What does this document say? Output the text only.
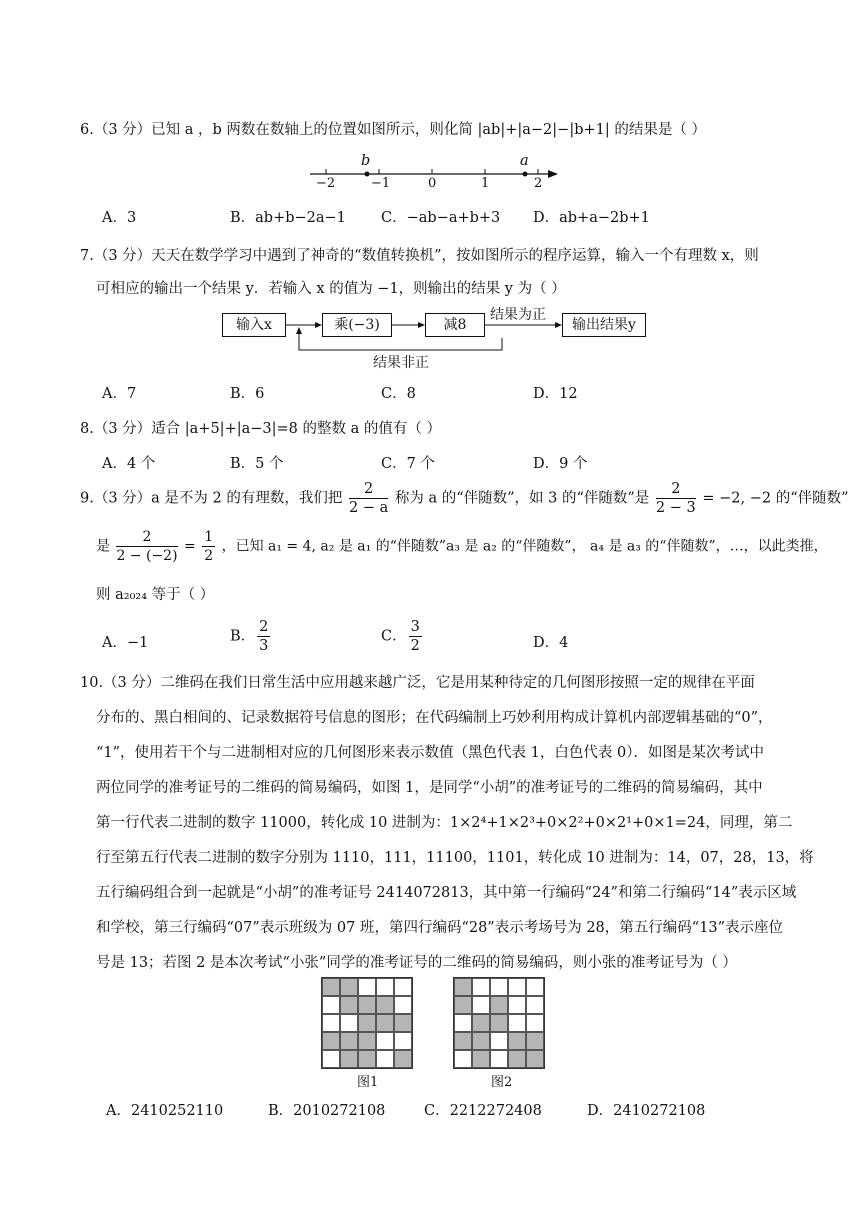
6.（3 分）已知 a ，b 两数在数轴上的位置如图所示，则化简 |ab|+|a−2|−|b+1| 的结果是（ ）
b	a
−2	−1	0	1	2
A．3	B．ab+b−2a−1 C．−ab−a+b+3 D．ab+a−2b+1
7.（3 分）天天在数学学习中遇到了神奇的“数值转换机”，按如图所示的程序运算，输入一个有理数 x，则
可相应的输出一个结果 y．若输入 x 的值为 −1，则输出的结果 y 为（ ）
输入x	乘(−3)	减8	输出结果y
结果为正
结果非正
A．7	B．6	C．8	D．12
8.（3 分）适合 |a+5|+|a−3|=8 的整数 a 的值有（ ）
A．4 个	B．5 个	C．7 个	D．9 个
9.（3 分）a 是不为 2 的有理数，我们把 $\frac{2}{2 - a}$ 称为 a 的“伴随数”，如 3 的“伴随数”是 $\frac{2}{2 - 3} = -2$, −2 的“伴随数”
是 $\frac{2}{2 - (-2)} = \frac{1}{2}$ ，已知 a₁ = 4, a₂ 是 a₁ 的“伴随数”a₃ 是 a₂ 的“伴随数”， a₄ 是 a₃ 的“伴随数”，…，以此类推，
则 a₂₀₂₄ 等于（ ）
A．−1	B． $\frac{2}{3}$	C． $\frac{3}{2}$	D．4
10.（3 分）二维码在我们日常生活中应用越来越广泛，它是用某种待定的几何图形按照一定的规律在平面
分布的、黑白相间的、记录数据符号信息的图形；在代码编制上巧妙利用构成计算机内部逻辑基础的“0”，
“1”，使用若干个与二进制相对应的几何图形来表示数值（黑色代表 1，白色代表 0）．如图是某次考试中
两位同学的准考证号的二维码的简易编码，如图 1，是同学“小胡”的准考证号的二维码的简易编码，其中
第一行代表二进制的数字 11000，转化成 10 进制为：1×2⁴+1×2³+0×2²+0×2¹+0×1=24，同理，第二
行至第五行代表二进制的数字分别为 1110，111，11100，1101，转化成 10 进制为：14，07，28，13，将
五行编码组合到一起就是“小胡”的准考证号 2414072813，其中第一行编码“24”和第二行编码“14”表示区域
和学校，第三行编码“07”表示班级为 07 班，第四行编码“28”表示考场号为 28，第五行编码“13”表示座位
号是 13；若图 2 是本次考试“小张”同学的准考证号的二维码的简易编码，则小张的准考证号为（ ）
图1	图2
A．2410252110	B．2010272108	C．2212272408	D．2410272108
